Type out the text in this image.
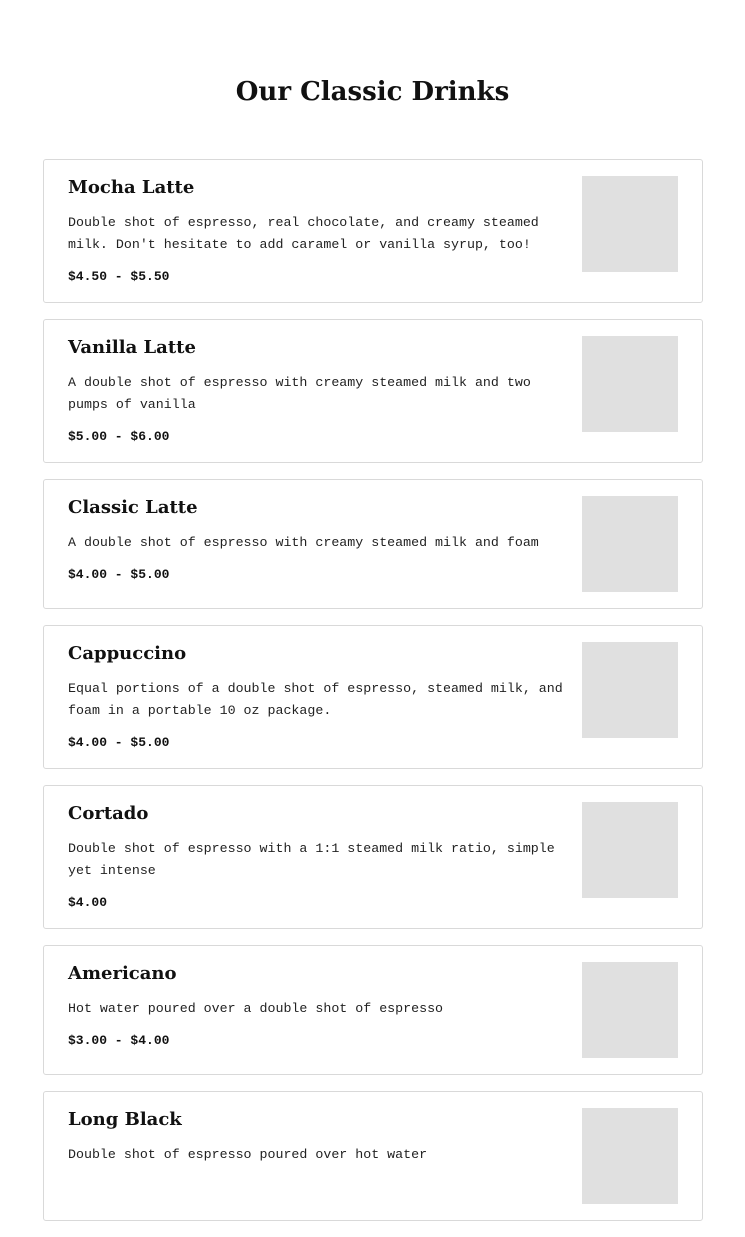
Our Classic Drinks
Mocha Latte

Double shot of espresso, real chocolate, and creamy steamed milk. Don't hesitate to add caramel or vanilla syrup, too!

$4.50 - $5.50

Vanilla Latte

A double shot of espresso with creamy steamed milk and two pumps of vanilla

$5.00 - $6.00

Classic Latte

A double shot of espresso with creamy steamed milk and foam

$4.00 - $5.00

Cappuccino

Equal portions of a double shot of espresso, steamed milk, and foam in a portable 10 oz package.

$4.00 - $5.00

Cortado

Double shot of espresso with a 1:1 steamed milk ratio, simple yet intense

$4.00

Americano

Hot water poured over a double shot of espresso

$3.00 - $4.00

Long Black

Double shot of espresso poured over hot water
